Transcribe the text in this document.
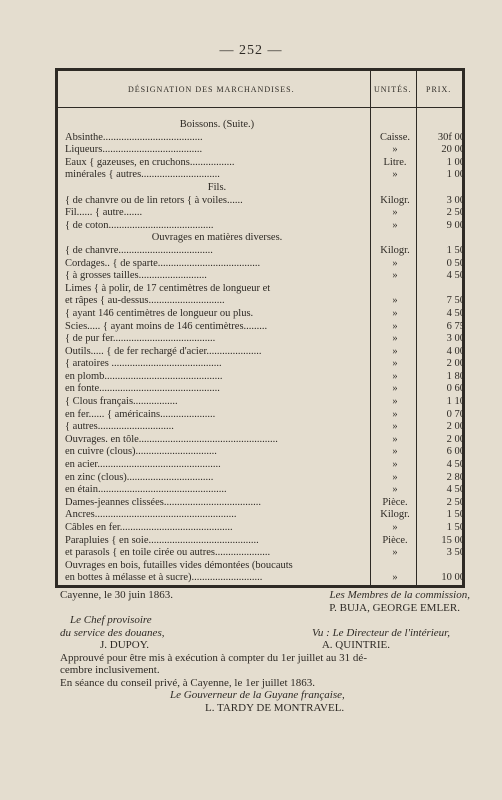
— 252 —
DÉSIGNATION DES MARCHANDISES.	UNITÉS. PRIX.
Boissons. (Suite.)
Absinthe......................................	Caisse.	30f 00
Liqueurs......................................	»	20 00
Eaux { gazeuses, en cruchons.................	Litre.	1 00
minérales { autres..............................	»	1 00
Fils.
{ de chanvre ou de lin retors { à voiles......	Kilogr.	3 00
Fil...... { autre.......	»	2 50
{ de coton........................................	»	9 00
Ouvrages en matières diverses.
{ de chanvre....................................	Kilogr.	1 50
Cordages.. { de sparte.......................................	»	0 50
{ à grosses tailles..........................	»	4 50
Limes { à polir, de 17 centimètres de longueur et
et râpes { au-dessus.............................	»	7 50
{ ayant 146 centimètres de longueur ou plus.	»	4 50
Scies..... { ayant moins de 146 centimètres.........	»	6 75
{ de pur fer.......................................	»	3 00
Outils..... { de fer rechargé d'acier.....................	»	4 00
{ aratoires ..........................................	»	2 00
en plomb.............................................	»	1 80
en fonte..............................................	»	0 60
{ Clous français.................	»	1 10
en fer...... { américains.....................	»	0 70
{ autres.............................	»	2 00
Ouvrages. en tôle.....................................................	»	2 00
en cuivre (clous)...............................	»	6 00
en acier...............................................	»	4 50
en zinc (clous).................................	»	2 80
en étain.................................................	»	4 50
Dames-jeannes clissées.....................................	Pièce.	2 50
Ancres......................................................	Kilogr.	1 50
Câbles en fer...........................................	»	1 50
Parapluies { en soie..........................................	Pièce.	15 00
et parasols { en toile cirée ou autres.....................	»	3 50
Ouvrages en bois, futailles vides démontées (boucauts
en bottes à mélasse et à sucre)...........................	»	10 00
Cayenne, le 30 juin 1863.	Les Membres de la commission,
P. BUJA, GEORGE EMLER.
Le Chef provisoire
du service des douanes,	Vu : Le Directeur de l'intérieur,
J. DUPOY.	A. QUINTRIE.
Approuvé pour être mis à exécution à compter du 1er juillet au 31 dé-
cembre inclusivement.
En séance du conseil privé, à Cayenne, le 1er juillet 1863.
Le Gouverneur de la Guyane française,
L. TARDY DE MONTRAVEL.
